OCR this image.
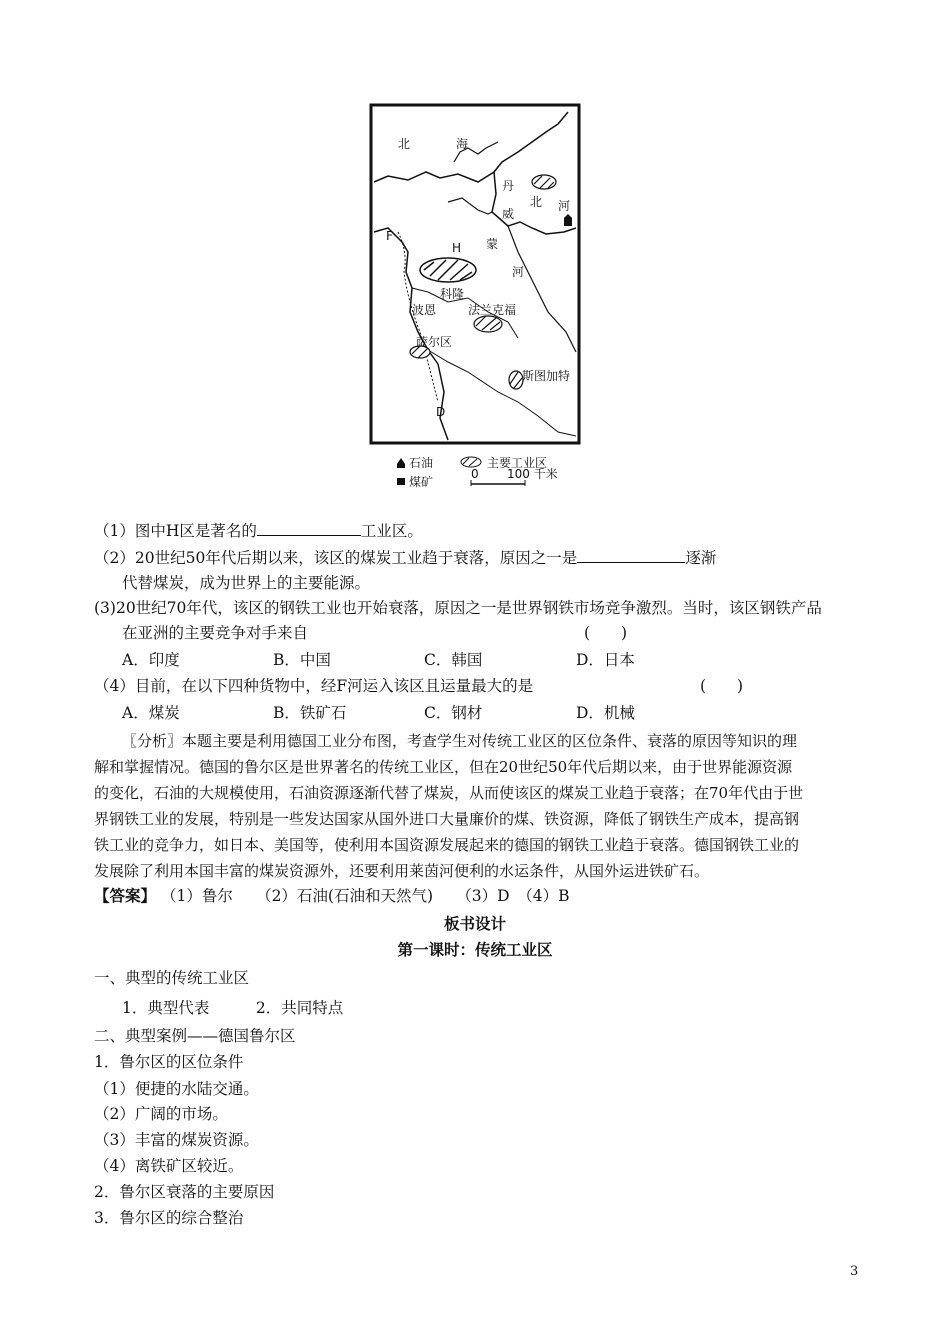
北	海
丹
北 河
威
蒙
F
河
H
科隆
波恩	法兰克福
萨尔区
斯图加特
D
石油	主要工业区
煤矿
0 100 千米
（1）图中H区是著名的	工业区。
（2）20世纪50年代后期以来，该区的煤炭工业趋于衰落，原因之一是	逐渐
代替煤炭，成为世界上的主要能源。
(3)20世纪70年代，该区的钢铁工业也开始衰落，原因之一是世界钢铁市场竞争激烈。当时，该区钢铁产品
在亚洲的主要竞争对手来自	(　　)
A．印度	B．中国	C．韩国	D．日本
（4）目前，在以下四种货物中，经F河运入该区且运量最大的是	(　　)
A．煤炭	B．铁矿石	C．钢材	D．机械
〖分析〗本题主要是利用德国工业分布图，考查学生对传统工业区的区位条件、衰落的原因等知识的理
解和掌握情况。德国的鲁尔区是世界著名的传统工业区，但在20世纪50年代后期以来，由于世界能源资源
的变化，石油的大规模使用，石油资源逐渐代替了煤炭，从而使该区的煤炭工业趋于衰落；在70年代由于世
界钢铁工业的发展，特别是一些发达国家从国外进口大量廉价的煤、铁资源，降低了钢铁生产成本，提高钢
铁工业的竞争力，如日本、美国等，使利用本国资源发展起来的德国的钢铁工业趋于衰落。德国钢铁工业的
发展除了利用本国丰富的煤炭资源外，还要利用莱茵河便利的水运条件，从国外运进铁矿石。
【答案】 （1）鲁尔　　（2）石油(石油和天然气)　　（3）D　（4）B
板书设计
第一课时：传统工业区
一、典型的传统工业区
1．典型代表　　　2．共同特点
二、典型案例——德国鲁尔区
1．鲁尔区的区位条件
（1）便捷的水陆交通。
（2）广阔的市场。
（3）丰富的煤炭资源。
（4）离铁矿区较近。
2．鲁尔区衰落的主要原因
3．鲁尔区的综合整治
3
